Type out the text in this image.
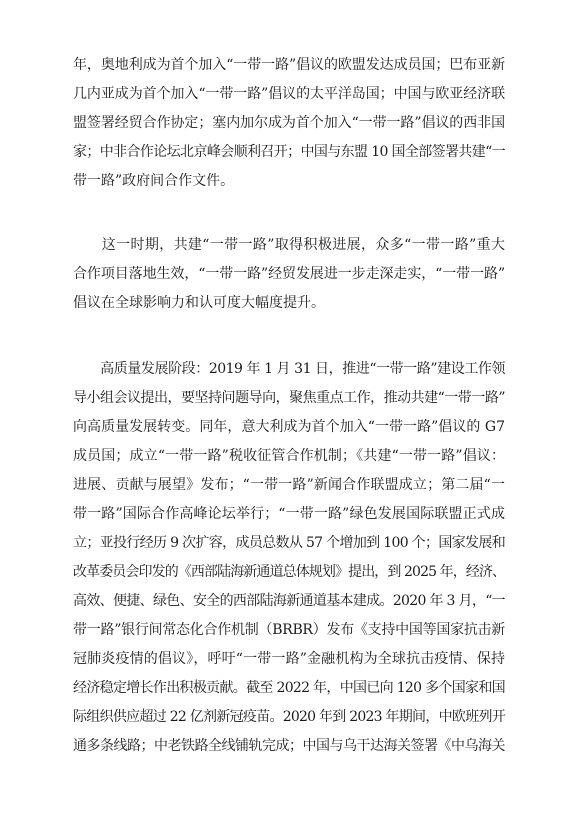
年，奥地利成为首个加入“一带一路”倡议的欧盟发达成员国；巴布亚新
几内亚成为首个加入“一带一路”倡议的太平洋岛国；中国与欧亚经济联
盟签署经贸合作协定；塞内加尔成为首个加入“一带一路”倡议的西非国
家；中非合作论坛北京峰会顺利召开；中国与东盟 10 国全部签署共建“一
带一路”政府间合作文件。
　　这一时期，共建“一带一路”取得积极进展，众多“一带一路”重大
合作项目落地生效，“一带一路”经贸发展进一步走深走实，“一带一路”
倡议在全球影响力和认可度大幅度提升。
　　高质量发展阶段：2019 年 1 月 31 日，推进“一带一路”建设工作领
导小组会议提出，要坚持问题导向，聚焦重点工作，推动共建“一带一路”
向高质量发展转变。同年，意大利成为首个加入“一带一路”倡议的 G7
成员国；成立“一带一路”税收征管合作机制；《共建“一带一路”倡议：
进展、贡献与展望》发布；“一带一路”新闻合作联盟成立；第二届“一
带一路”国际合作高峰论坛举行；“一带一路”绿色发展国际联盟正式成
立；亚投行经历 9 次扩容，成员总数从 57 个增加到 100 个；国家发展和
改革委员会印发的《西部陆海新通道总体规划》提出，到 2025 年，经济、
高效、便捷、绿色、安全的西部陆海新通道基本建成。2020 年 3 月，“一
带一路”银行间常态化合作机制（BRBR）发布《支持中国等国家抗击新
冠肺炎疫情的倡议》，呼吁“一带一路”金融机构为全球抗击疫情、保持
经济稳定增长作出积极贡献。截至 2022 年，中国已向 120 多个国家和国
际组织供应超过 22 亿剂新冠疫苗。2020 年到 2023 年期间，中欧班列开
通多条线路；中老铁路全线铺轨完成；中国与乌干达海关签署《中乌海关
